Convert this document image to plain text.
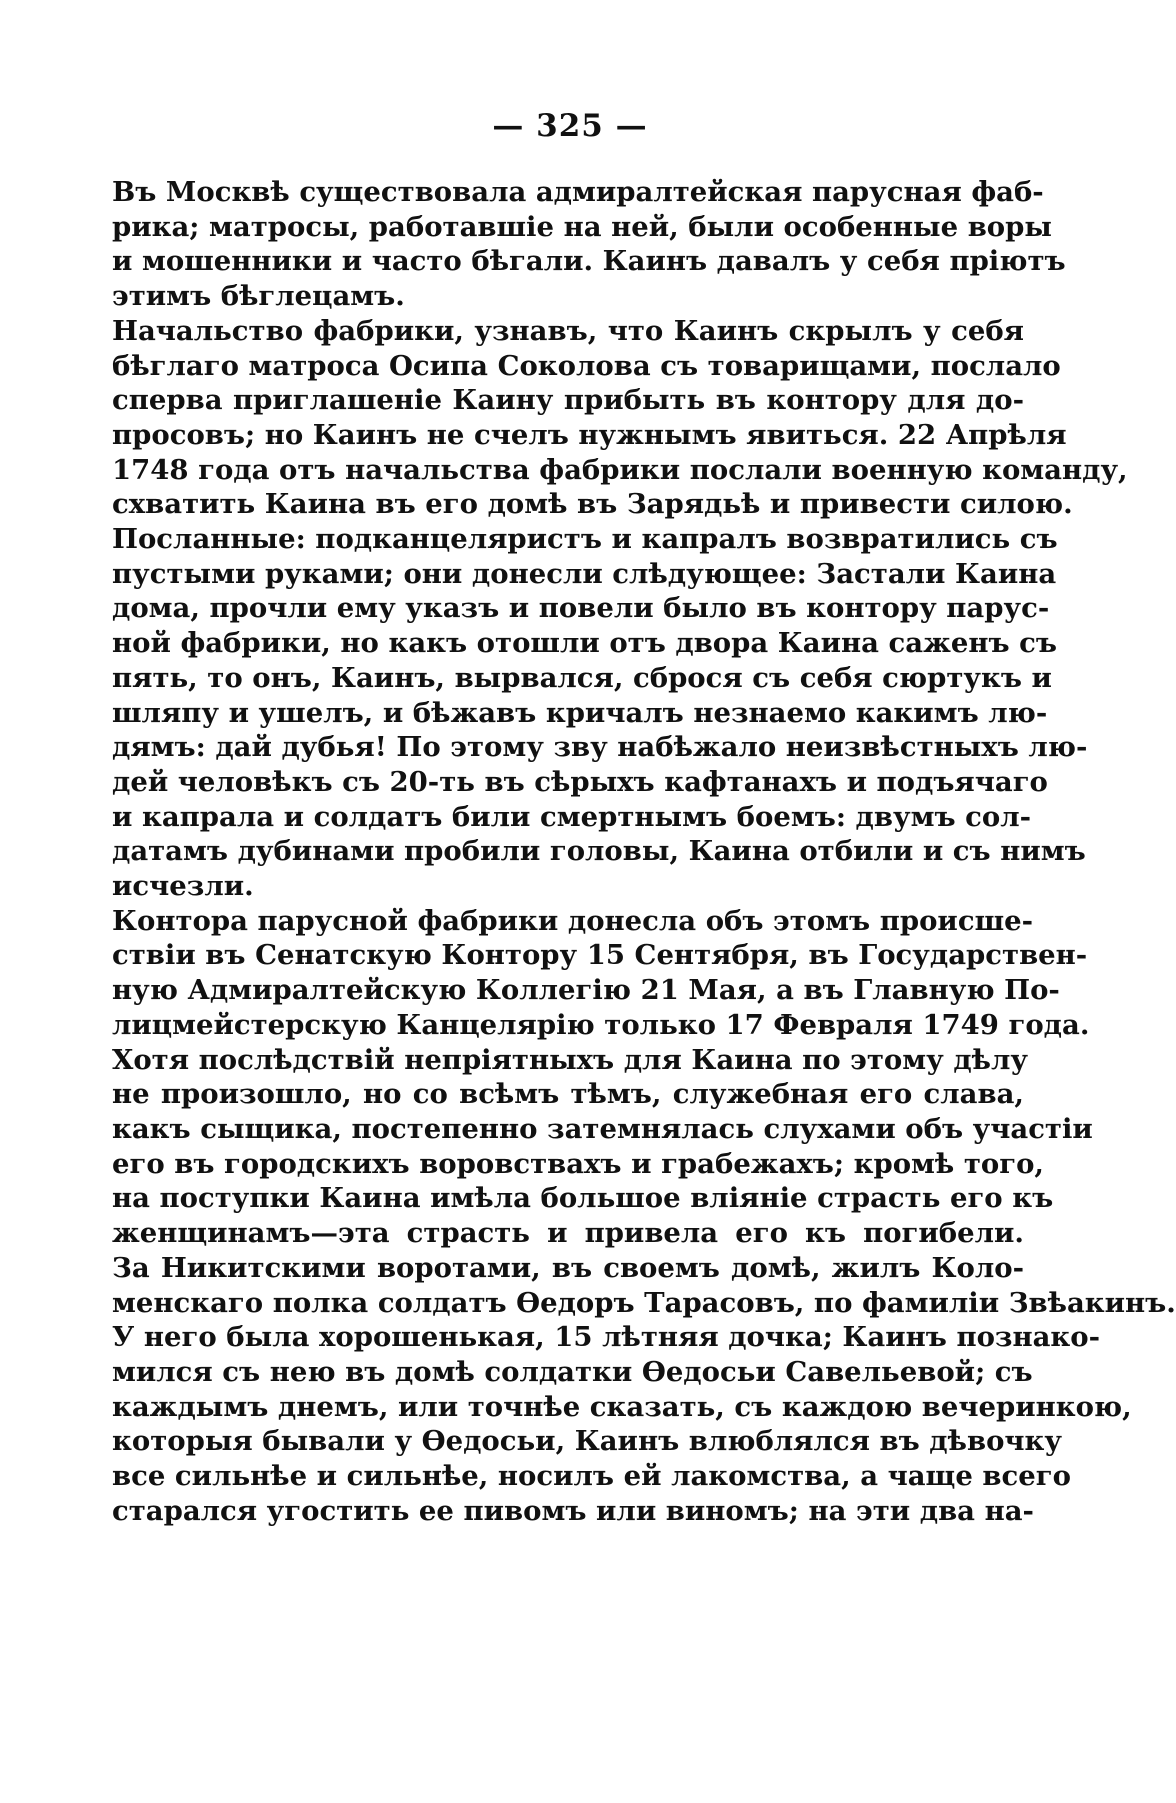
— 325 —
Въ Москвѣ существовала адмиралтейская парусная фаб-
рика; матросы, работавшіе на ней, были особенные воры
и мошенники и часто бѣгали. Каинъ давалъ у себя пріютъ
этимъ бѣглецамъ.
Начальство фабрики, узнавъ, что Каинъ скрылъ у себя
бѣглаго матроса Осипа Соколова съ товарищами, послало
сперва приглашеніе Каину прибыть въ контору для до-
просовъ; но Каинъ не счелъ нужнымъ явиться. 22 Апрѣля
1748 года отъ начальства фабрики послали военную команду,
схватить Каина въ его домѣ въ Зарядьѣ и привести силою.
Посланные: подканцеляристъ и капралъ возвратились съ
пустыми руками; они донесли слѣдующее: Застали Каина
дома, прочли ему указъ и повели было въ контору парус-
ной фабрики, но какъ отошли отъ двора Каина саженъ съ
пять, то онъ, Каинъ, вырвался, сброся съ себя сюртукъ и
шляпу и ушелъ, и бѣжавъ кричалъ незнаемо какимъ лю-
дямъ: дай дубья! По этому зву набѣжало неизвѣстныхъ лю-
дей человѣкъ съ 20-ть въ сѣрыхъ кафтанахъ и подъячаго
и капрала и солдатъ били смертнымъ боемъ: двумъ сол-
датамъ дубинами пробили головы, Каина отбили и съ нимъ
исчезли.
Контора парусной фабрики донесла объ этомъ происше-
ствіи въ Сенатскую Контору 15 Сентября, въ Государствен-
ную Адмиралтейскую Коллегію 21 Мая, а въ Главную По-
лицмейстерскую Канцелярію только 17 Февраля 1749 года.
Хотя послѣдствій непріятныхъ для Каина по этому дѣлу
не произошло, но со всѣмъ тѣмъ, служебная его слава,
какъ сыщика, постепенно затемнялась слухами объ участіи
его въ городскихъ воровствахъ и грабежахъ; кромѣ того,
на поступки Каина имѣла большое вліяніе страсть его къ
женщинамъ—эта страсть и привела его къ погибели.
За Никитскими воротами, въ своемъ домѣ, жилъ Коло-
менскаго полка солдатъ Ѳедоръ Тарасовъ, по фамиліи Звѣакинъ.
У него была хорошенькая, 15 лѣтняя дочка; Каинъ познако-
мился съ нею въ домѣ солдатки Ѳедосьи Савельевой; съ
каждымъ днемъ, или точнѣе сказать, съ каждою вечеринкою,
которыя бывали у Ѳедосьи, Каинъ влюблялся въ дѣвочку
все сильнѣе и сильнѣе, носилъ ей лакомства, а чаще всего
старался угостить ее пивомъ или виномъ; на эти два на-
